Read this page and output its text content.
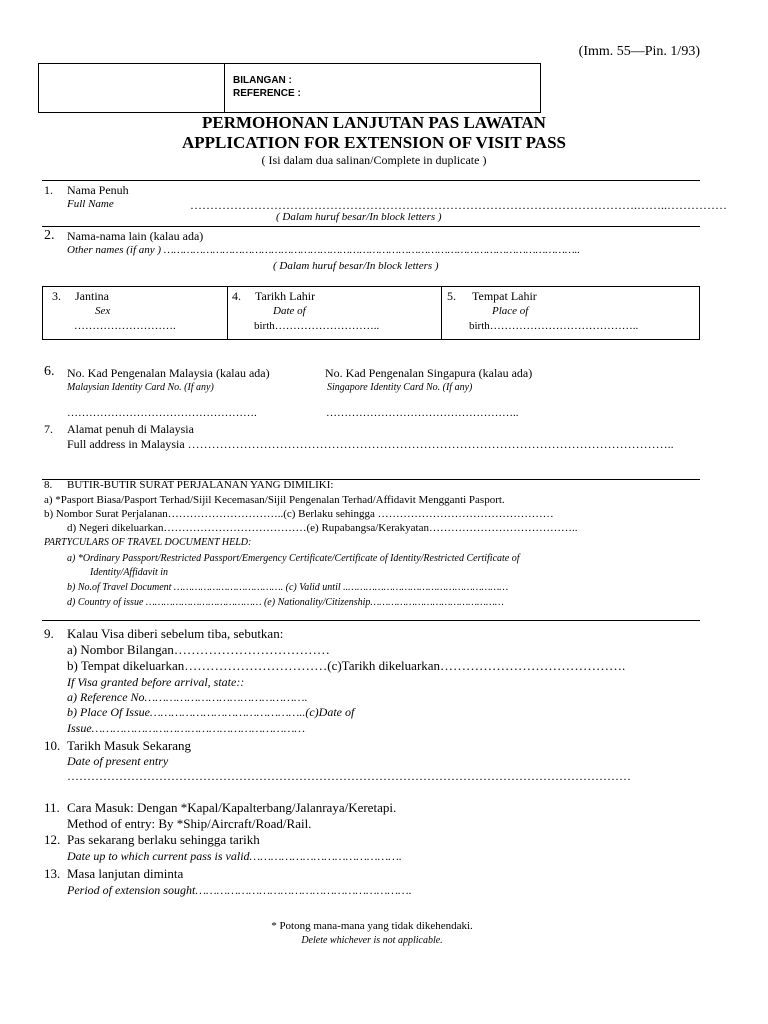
(Imm. 55—Pin. 1/93)
BILANGAN :
REFERENCE :
PERMOHONAN LANJUTAN PAS LAWATAN
APPLICATION FOR EXTENSION OF VISIT PASS
( Isi dalam dua salinan/Complete in duplicate )
1. Nama Penuh
Full Name	………………………………………………………………………………………………….……..……………
( Dalam huruf besar/In block letters )
2. Nama-nama lain (kalau ada)
Other names (if any ) ………………………………………………………………………………………………………………..
( Dalam huruf besar/In block letters )
3. Jantina
Sex
……………………….
4. Tarikh Lahir
Date of
birth………………………..
5. Tempat Lahir
Place of
birth…………………………………..
6. No. Kad Pengenalan Malaysia (kalau ada)
Malaysian Identity Card No. (If any)
No. Kad Pengenalan Singapura (kalau ada)
Singapore Identity Card No. (If any)
…………………………………………….	……………………………………………..
7. Alamat penuh di Malaysia
Full address in Malaysia …………………………………………………………………………………………………………..
8. BUTIR-BUTIR SURAT PERJALANAN YANG DIMILIKI:
a) *Pasport Biasa/Pasport Terhad/Sijil Kecemasan/Sijil Pengenalan Terhad/Affidavit Mengganti Pasport.
b) Nombor Surat Perjalanan…………………………..(c) Berlaku sehingga …………………………………………
d) Negeri dikeluarkan…………………………………(e) Rupabangsa/Kerakyatan…………………………………..
PARTYCULARS OF TRAVEL DOCUMENT HELD:
a) *Ordinary Passport/Restricted Passport/Emergency Certificate/Certificate of Identity/Restricted Certificate of
Identity/Affidavit in
b) No.of Travel Document ………………………………. (c) Valid until ..………………………………………………
d) Country of issue ………………………………… (e) Nationality/Citizenship………………………………………
9. Kalau Visa diberi sebelum tiba, sebutkan:
a) Nombor Bilangan………………………………
b) Tempat dikeluarkan……………………………(c)Tarikh dikeluarkan…………………………………….
If Visa granted before arrival, state::
a) Reference No……………………………………….
b) Place Of Issue……………………………………..(c)Date of
Issue……………………………………………………
10. Tarikh Masuk Sekarang
Date of present entry
……………………………………………………………………………………………………………………………
11. Cara Masuk: Dengan *Kapal/Kapalterbang/Jalanraya/Keretapi.
Method of entry: By *Ship/Aircraft/Road/Rail.
12. Pas sekarang berlaku sehingga tarikh
Date up to which current pass is valid…………………………………….
13. Masa lanjutan diminta
Period of extension sought…………………………………………………….
* Potong mana-mana yang tidak dikehendaki.
Delete whichever is not applicable.
